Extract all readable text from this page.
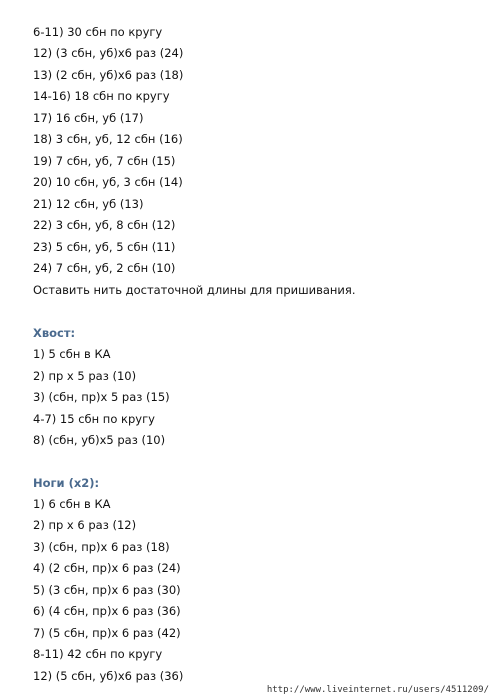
6-11) 30 сбн по кругу
12) (3 сбн, уб)х6 раз (24)
13) (2 сбн, уб)х6 раз (18)
14-16) 18 сбн по кругу
17) 16 сбн, уб (17)
18) 3 сбн, уб, 12 сбн (16)
19) 7 сбн, уб, 7 сбн (15)
20) 10 сбн, уб, 3 сбн (14)
21) 12 сбн, уб (13)
22) 3 сбн, уб, 8 сбн (12)
23) 5 сбн, уб, 5 сбн (11)
24) 7 сбн, уб, 2 сбн (10)
Оставить нить достаточной длины для пришивания.
Хвост:
1) 5 сбн в КА
2) пр х 5 раз (10)
3) (сбн, пр)х 5 раз (15)
4-7) 15 сбн по кругу
8) (сбн, уб)х5 раз (10)
Ноги (х2):
1) 6 сбн в КА
2) пр х 6 раз (12)
3) (сбн, пр)х 6 раз (18)
4) (2 сбн, пр)х 6 раз (24)
5) (3 сбн, пр)х 6 раз (30)
6) (4 сбн, пр)х 6 раз (36)
7) (5 сбн, пр)х 6 раз (42)
8-11) 42 сбн по кругу
12) (5 сбн, уб)х6 раз (36)
http://www.liveinternet.ru/users/4511209/
